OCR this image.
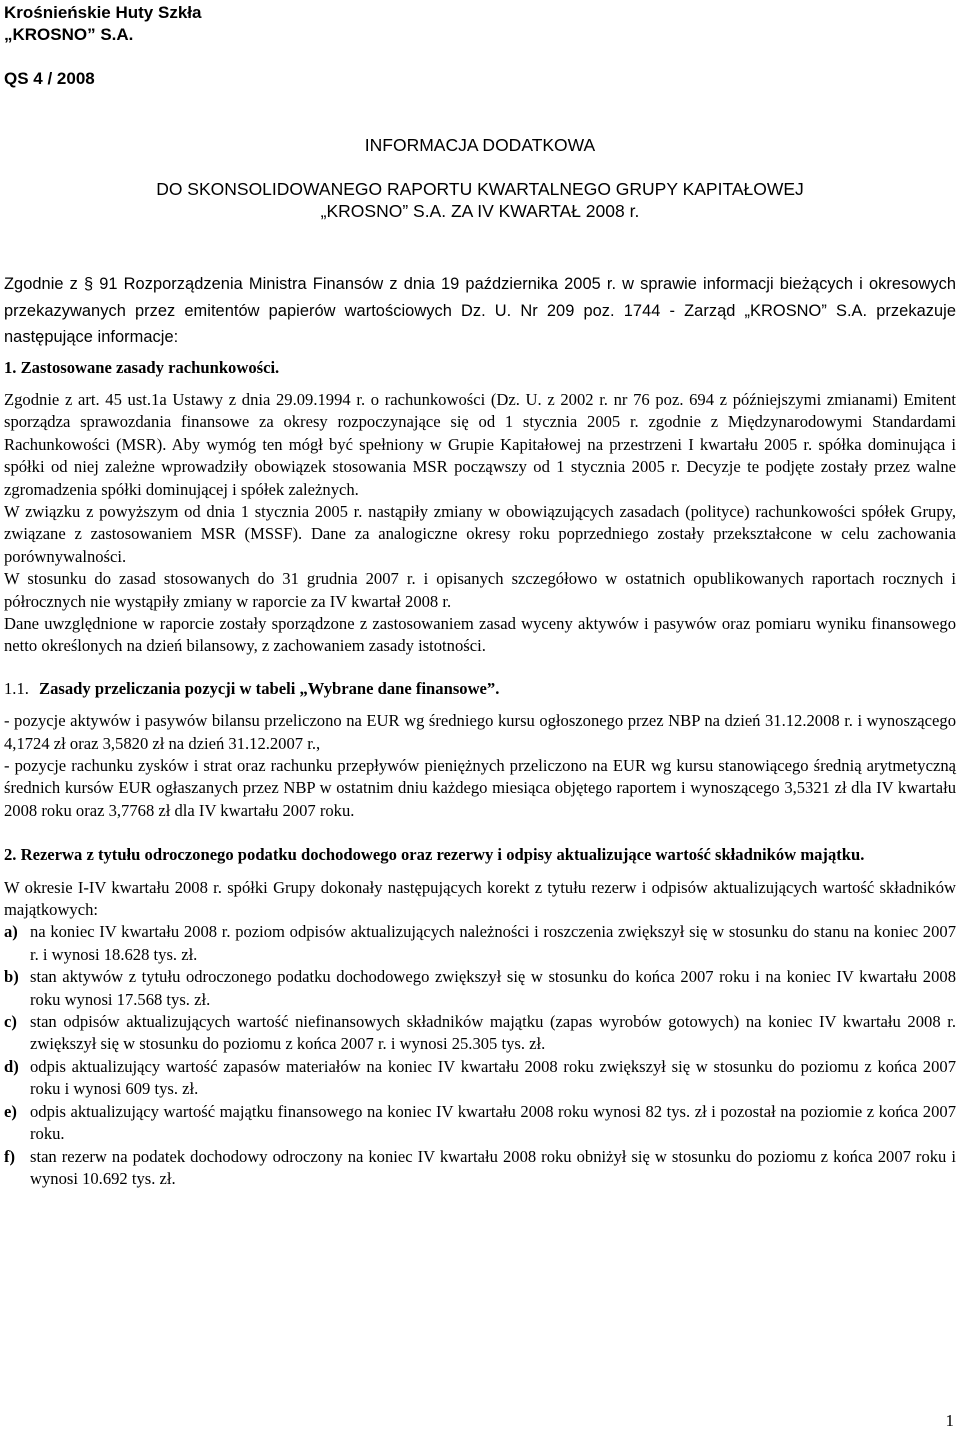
Krośnieńskie Huty Szkła
„KROSNO” S.A.
QS 4 / 2008
INFORMACJA DODATKOWA
DO SKONSOLIDOWANEGO RAPORTU KWARTALNEGO GRUPY KAPITAŁOWEJ
„KROSNO” S.A. ZA IV KWARTAŁ 2008 r.
Zgodnie z § 91 Rozporządzenia Ministra Finansów z dnia 19 października 2005 r. w sprawie informacji bieżących i okresowych przekazywanych przez emitentów papierów wartościowych Dz. U. Nr 209 poz. 1744 - Zarząd „KROSNO” S.A. przekazuje następujące informacje:
1. Zastosowane zasady rachunkowości.

Zgodnie z art. 45 ust.1a Ustawy z dnia 29.09.1994 r. o rachunkowości (Dz. U. z 2002 r. nr 76 poz. 694 z późniejszymi zmianami) Emitent sporządza sprawozdania finansowe za okresy rozpoczynające się od 1 stycznia 2005 r. zgodnie z Międzynarodowymi Standardami Rachunkowości (MSR). Aby wymóg ten mógł być spełniony w Grupie Kapitałowej na przestrzeni I kwartału 2005 r. spółka dominująca i spółki od niej zależne wprowadziły obowiązek stosowania MSR począwszy od 1 stycznia 2005 r. Decyzje te podjęte zostały przez walne zgromadzenia spółki dominującej i spółek zależnych.

W związku z powyższym od dnia 1 stycznia 2005 r. nastąpiły zmiany w obowiązujących zasadach (polityce) rachunkowości spółek Grupy, związane z zastosowaniem MSR (MSSF). Dane za analogiczne okresy roku poprzedniego zostały przekształcone w celu zachowania porównywalności.

W stosunku do zasad stosowanych do 31 grudnia 2007 r. i opisanych szczegółowo w ostatnich opublikowanych raportach rocznych i półrocznych nie wystąpiły zmiany w raporcie za IV kwartał 2008 r.

Dane uwzględnione w raporcie zostały sporządzone z zastosowaniem zasad wyceny aktywów i pasywów oraz pomiaru wyniku finansowego netto określonych na dzień bilansowy, z zachowaniem zasady istotności.

1.1. Zasady przeliczania pozycji w tabeli „Wybrane dane finansowe”.

- pozycje aktywów i pasywów bilansu przeliczono na EUR wg średniego kursu ogłoszonego przez NBP na dzień 31.12.2008 r. i wynoszącego 4,1724 zł oraz 3,5820 zł na dzień 31.12.2007 r.,

- pozycje rachunku zysków i strat oraz rachunku przepływów pieniężnych przeliczono na EUR wg kursu stanowiącego średnią arytmetyczną średnich kursów EUR ogłaszanych przez NBP w ostatnim dniu każdego miesiąca objętego raportem i wynoszącego 3,5321 zł dla IV kwartału 2008 roku oraz 3,7768 zł dla IV kwartału 2007 roku.

2. Rezerwa z tytułu odroczonego podatku dochodowego oraz rezerwy i odpisy aktualizujące wartość składników majątku.

W okresie I-IV kwartału 2008 r. spółki Grupy dokonały następujących korekt z tytułu rezerw i odpisów aktualizujących wartość składników majątkowych:

a) na koniec IV kwartału 2008 r. poziom odpisów aktualizujących należności i roszczenia zwiększył się w stosunku do stanu na koniec 2007 r. i wynosi 18.628 tys. zł.
b) stan aktywów z tytułu odroczonego podatku dochodowego zwiększył się w stosunku do końca 2007 roku i na koniec IV kwartału 2008 roku wynosi 17.568 tys. zł.
c) stan odpisów aktualizujących wartość niefinansowych składników majątku (zapas wyrobów gotowych) na koniec IV kwartału 2008 r. zwiększył się w stosunku do poziomu z końca 2007 r. i wynosi 25.305 tys. zł.
d) odpis aktualizujący wartość zapasów materiałów na koniec IV kwartału 2008 roku zwiększył się w stosunku do poziomu z końca 2007 roku i wynosi 609 tys. zł.
e) odpis aktualizujący wartość majątku finansowego na koniec IV kwartału 2008 roku wynosi 82 tys. zł i pozostał na poziomie z końca 2007 roku.
f) stan rezerw na podatek dochodowy odroczony na koniec IV kwartału 2008 roku obniżył się w stosunku do poziomu z końca 2007 roku i wynosi 10.692 tys. zł.
1
